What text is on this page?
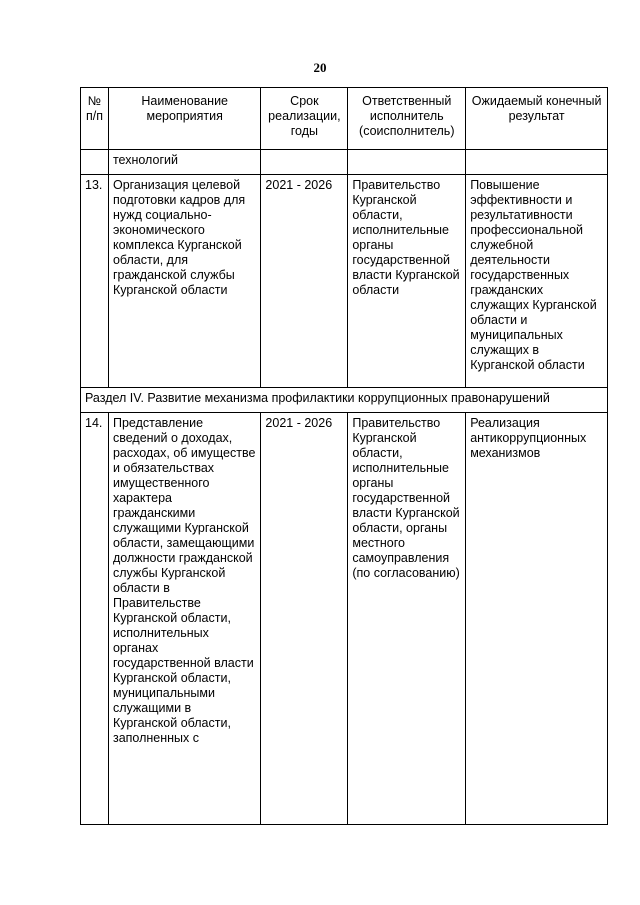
20
№ п/п	Наименование мероприятия	Срок реализации, годы	Ответственный исполнитель (соисполнитель)	Ожидаемый конечный результат
	технологий			
13.	Организация целевой подготовки кадров для нужд социально-экономического комплекса Курганской области, для гражданской службы Курганской области	2021 - 2026	Правительство Курганской области, исполнительные органы государственной власти Курганской области	Повышение эффективности и результативности профессиональной служебной деятельности государственных гражданских служащих Курганской области и муниципальных служащих в Курганской области
Раздел IV. Развитие механизма профилактики коррупционных правонарушений				
14.	Представление сведений о доходах, расходах, об имуществе и обязательствах имущественного характера гражданскими служащими Курганской области, замещающими должности гражданской службы Курганской области в Правительстве Курганской области, исполнительных органах государственной власти Курганской области, муниципальными служащими в Курганской области, заполненных с	2021 - 2026	Правительство Курганской области, исполнительные органы государственной власти Курганской области, органы местного самоуправления (по согласованию)	Реализация антикоррупционных механизмов
